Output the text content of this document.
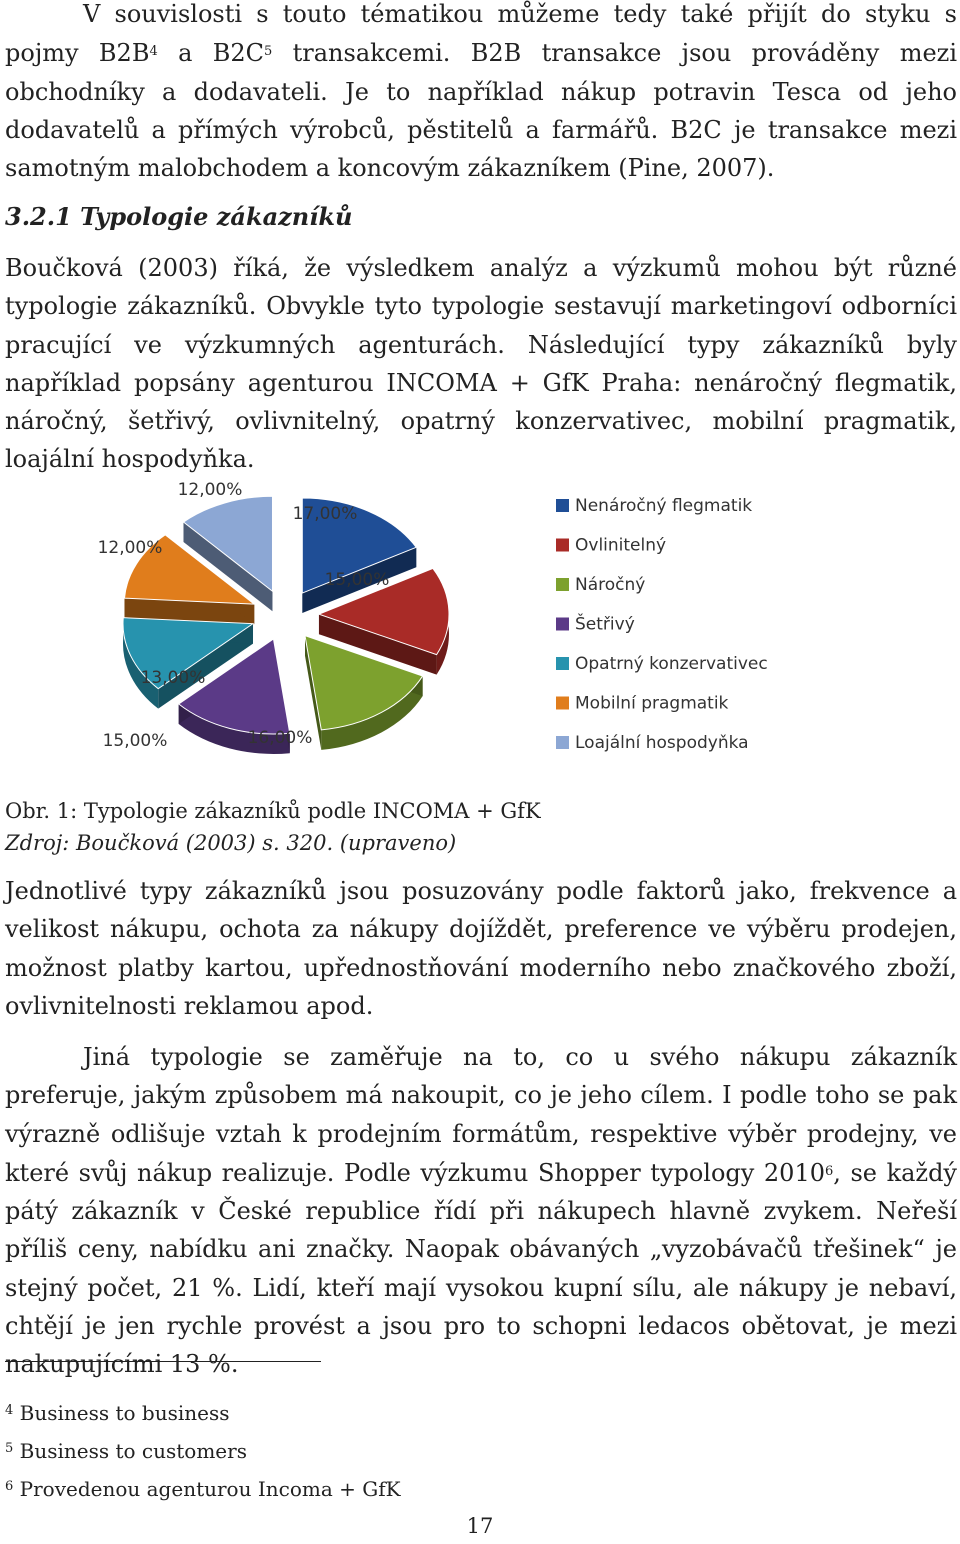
V souvislosti s touto tématikou můžeme tedy také přijít do styku s pojmy $B2B^4$ a $B2C^5$ transakcemi. B2B transakce jsou prováděny mezi obchodníky a dodavateli. Je to například nákup potravin Tesca od jeho dodavatelů a přímých výrobců, pěstitelů a farmářů. B2C je transakce mezi samotným malobchodem a koncovým zákazníkem (Pine, 2007).

3.2.1 Typologie zákazníků

Boučková (2003) říká, že výsledkem analýz a výzkumů mohou být různé typologie zákazníků. Obvykle tyto typologie sestavují marketingoví odborníci pracující ve výzkumných agenturách. Následující typy zákazníků byly například popsány agenturou INCOMA + GfK Praha: nenáročný flegmatik, náročný, šetřivý, ovlivnitelný, opatrný konzervativec, mobilní pragmatik, loajální hospodyňka.

17,00%
15,00%
16,00%
15,00%
13,00%
12,00%
12,00%
Nenáročný flegmatik
Ovlinitelný
Náročný
Šetřivý
Opatrný konzervativec
Mobilní pragmatik
Loajální hospodyňka

Obr. 1: Typologie zákazníků podle INCOMA + GfK

Zdroj: Boučková (2003) s. 320. (upraveno)

Jednotlivé typy zákazníků jsou posuzovány podle faktorů jako, frekvence a velikost nákupu, ochota za nákupy dojíždět, preference ve výběru prodejen, možnost platby kartou, upřednostňování moderního nebo značkového zboží, ovlivnitelnosti reklamou apod.

Jiná typologie se zaměřuje na to, co u svého nákupu zákazník preferuje, jakým způsobem má nakoupit, co je jeho cílem. I podle toho se pak výrazně odlišuje vztah k prodejním formátům, respektive výběr prodejny, ve které svůj nákup realizuje. Podle výzkumu Shopper typology 2010$^6$, se každý pátý zákazník v České republice řídí při nákupech hlavně zvykem. Neřeší příliš ceny, nabídku ani značky. Naopak obávaných „vyzobávačů třešinek“ je stejný počet, 21 %. Lidí, kteří mají vysokou kupní sílu, ale nákupy je nebaví, chtějí je jen rychle provést a jsou pro to schopni ledacos obětovat, je mezi nakupujícími 13 %.

$^4$ Business to business

$^5$ Business to customers

$^6$ Provedenou agenturou Incoma + GfK

17
